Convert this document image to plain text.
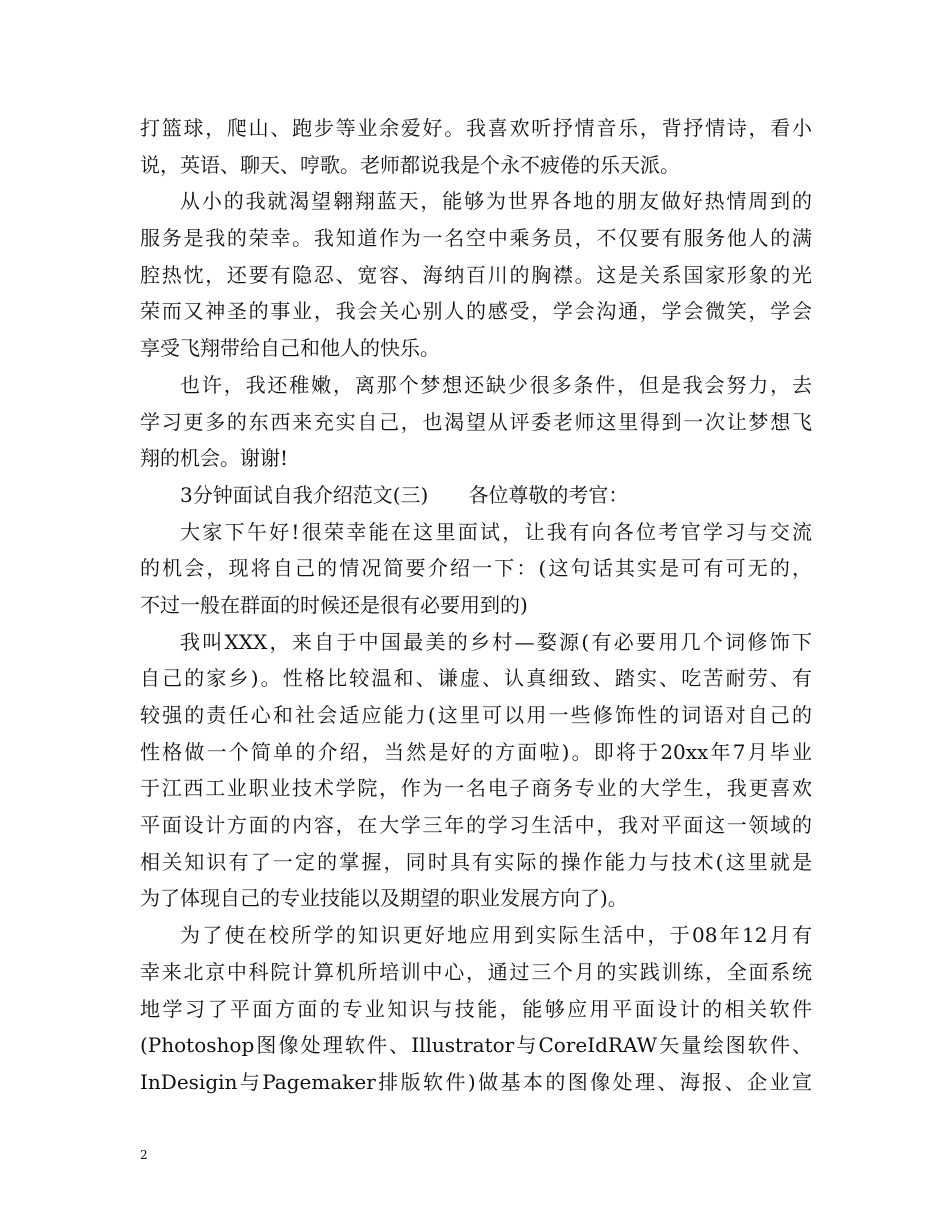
打篮球，爬山、跑步等业余爱好。我喜欢听抒情音乐，背抒情诗，看小
说，英语、聊天、哼歌。老师都说我是个永不疲倦的乐天派。
从小的我就渴望翱翔蓝天，能够为世界各地的朋友做好热情周到的
服务是我的荣幸。我知道作为一名空中乘务员，不仅要有服务他人的满
腔热忱，还要有隐忍、宽容、海纳百川的胸襟。这是关系国家形象的光
荣而又神圣的事业，我会关心别人的感受，学会沟通，学会微笑，学会
享受飞翔带给自己和他人的快乐。
也许，我还稚嫩，离那个梦想还缺少很多条件，但是我会努力，去
学习更多的东西来充实自己，也渴望从评委老师这里得到一次让梦想飞
翔的机会。谢谢!
3分钟面试自我介绍范文(三)　　各位尊敬的考官：
大家下午好!很荣幸能在这里面试，让我有向各位考官学习与交流
的机会，现将自己的情况简要介绍一下：(这句话其实是可有可无的，
不过一般在群面的时候还是很有必要用到的)
我叫XXX，来自于中国最美的乡村—婺源(有必要用几个词修饰下
自己的家乡)。性格比较温和、谦虚、认真细致、踏实、吃苦耐劳、有
较强的责任心和社会适应能力(这里可以用一些修饰性的词语对自己的
性格做一个简单的介绍，当然是好的方面啦)。即将于20xx年7月毕业
于江西工业职业技术学院，作为一名电子商务专业的大学生，我更喜欢
平面设计方面的内容，在大学三年的学习生活中，我对平面这一领域的
相关知识有了一定的掌握，同时具有实际的操作能力与技术(这里就是
为了体现自己的专业技能以及期望的职业发展方向了)。
为了使在校所学的知识更好地应用到实际生活中，于08年12月有
幸来北京中科院计算机所培训中心，通过三个月的实践训练，全面系统
地学习了平面方面的专业知识与技能，能够应用平面设计的相关软件
(Photoshop图像处理软件、Illustrator与CoreIdRAW矢量绘图软件、
InDesigin与Pagemaker排版软件)做基本的图像处理、海报、企业宣
2
